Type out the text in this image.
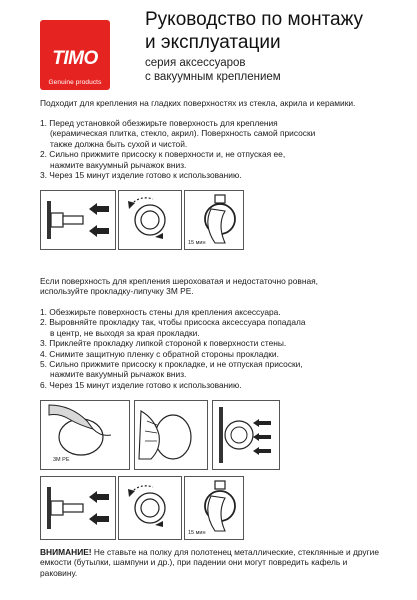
TIMO
Genuine products
Руководство по монтажу
и эксплуатации
серия аксессуаров
с вакуумным креплением
Подходит для крепления на гладких поверхностях из стекла, акрила и керамики.
1. Перед установкой обезжирьте поверхность для крепления
(керамическая плитка, стекло, акрил). Поверхность самой присоски
также должна быть сухой и чистой.
2. Сильно прижмите присоску к поверхности и, не отпуская ее,
нажмите вакуумный рычажок вниз.
3. Через 15 минут изделие готово к использованию.
15 мин
Если поверхность для крепления шероховатая и недостаточно ровная,
используйте прокладку-липучку 3М PE.
1. Обезжирьте поверхность стены для крепления аксессуара.
2. Выровняйте прокладку так, чтобы присоска аксессуара попадала
в центр, не выходя за края прокладки.
3. Приклейте прокладку липкой стороной к поверхности стены.
4. Снимите защитную пленку с обратной стороны прокладки.
5. Сильно прижмите присоску к прокладке, и не отпуская присоски,
нажмите вакуумный рычажок вниз.
6. Через 15 минут изделие готово к использованию.
3M PE
15 мин
ВНИМАНИЕ! Не ставьте на полку для полотенец металлические, стеклянные и другие емкости (бутылки, шампуни и др.), при падении они могут повредить кафель и раковину.
